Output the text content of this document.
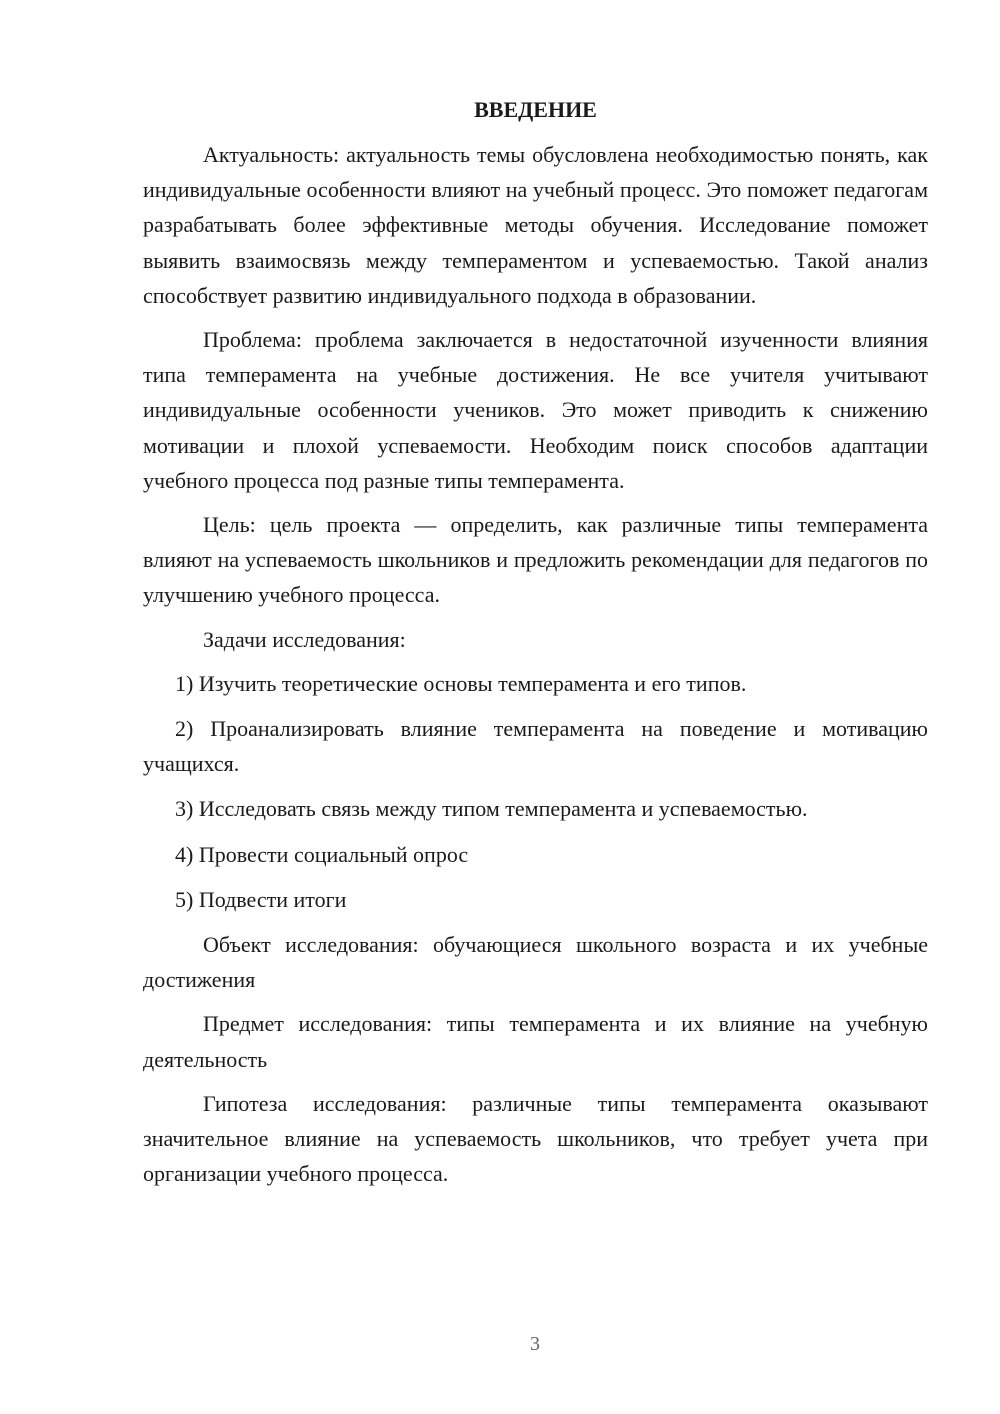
ВВЕДЕНИЕ

Актуальность: актуальность темы обусловлена необходимостью понять, как индивидуальные особенности влияют на учебный процесс. Это поможет педагогам разрабатывать более эффективные методы обучения. Исследование поможет выявить взаимосвязь между темпераментом и успеваемостью. Такой анализ способствует развитию индивидуального подхода в образовании.

Проблема: проблема заключается в недостаточной изученности влияния типа темперамента на учебные достижения. Не все учителя учитывают индивидуальные особенности учеников. Это может приводить к снижению мотивации и плохой успеваемости. Необходим поиск способов адаптации учебного процесса под разные типы темперамента.

Цель: цель проекта — определить, как различные типы темперамента влияют на успеваемость школьников и предложить рекомендации для педагогов по улучшению учебного процесса.

Задачи исследования:

1) Изучить теоретические основы темперамента и его типов.

2) Проанализировать влияние темперамента на поведение и мотивацию учащихся.

3) Исследовать связь между типом темперамента и успеваемостью.

4) Провести социальный опрос

5) Подвести итоги

Объект исследования: обучающиеся школьного возраста и их учебные достижения

Предмет исследования: типы темперамента и их влияние на учебную деятельность

Гипотеза исследования: различные типы темперамента оказывают значительное влияние на успеваемость школьников, что требует учета при организации учебного процесса.

3
